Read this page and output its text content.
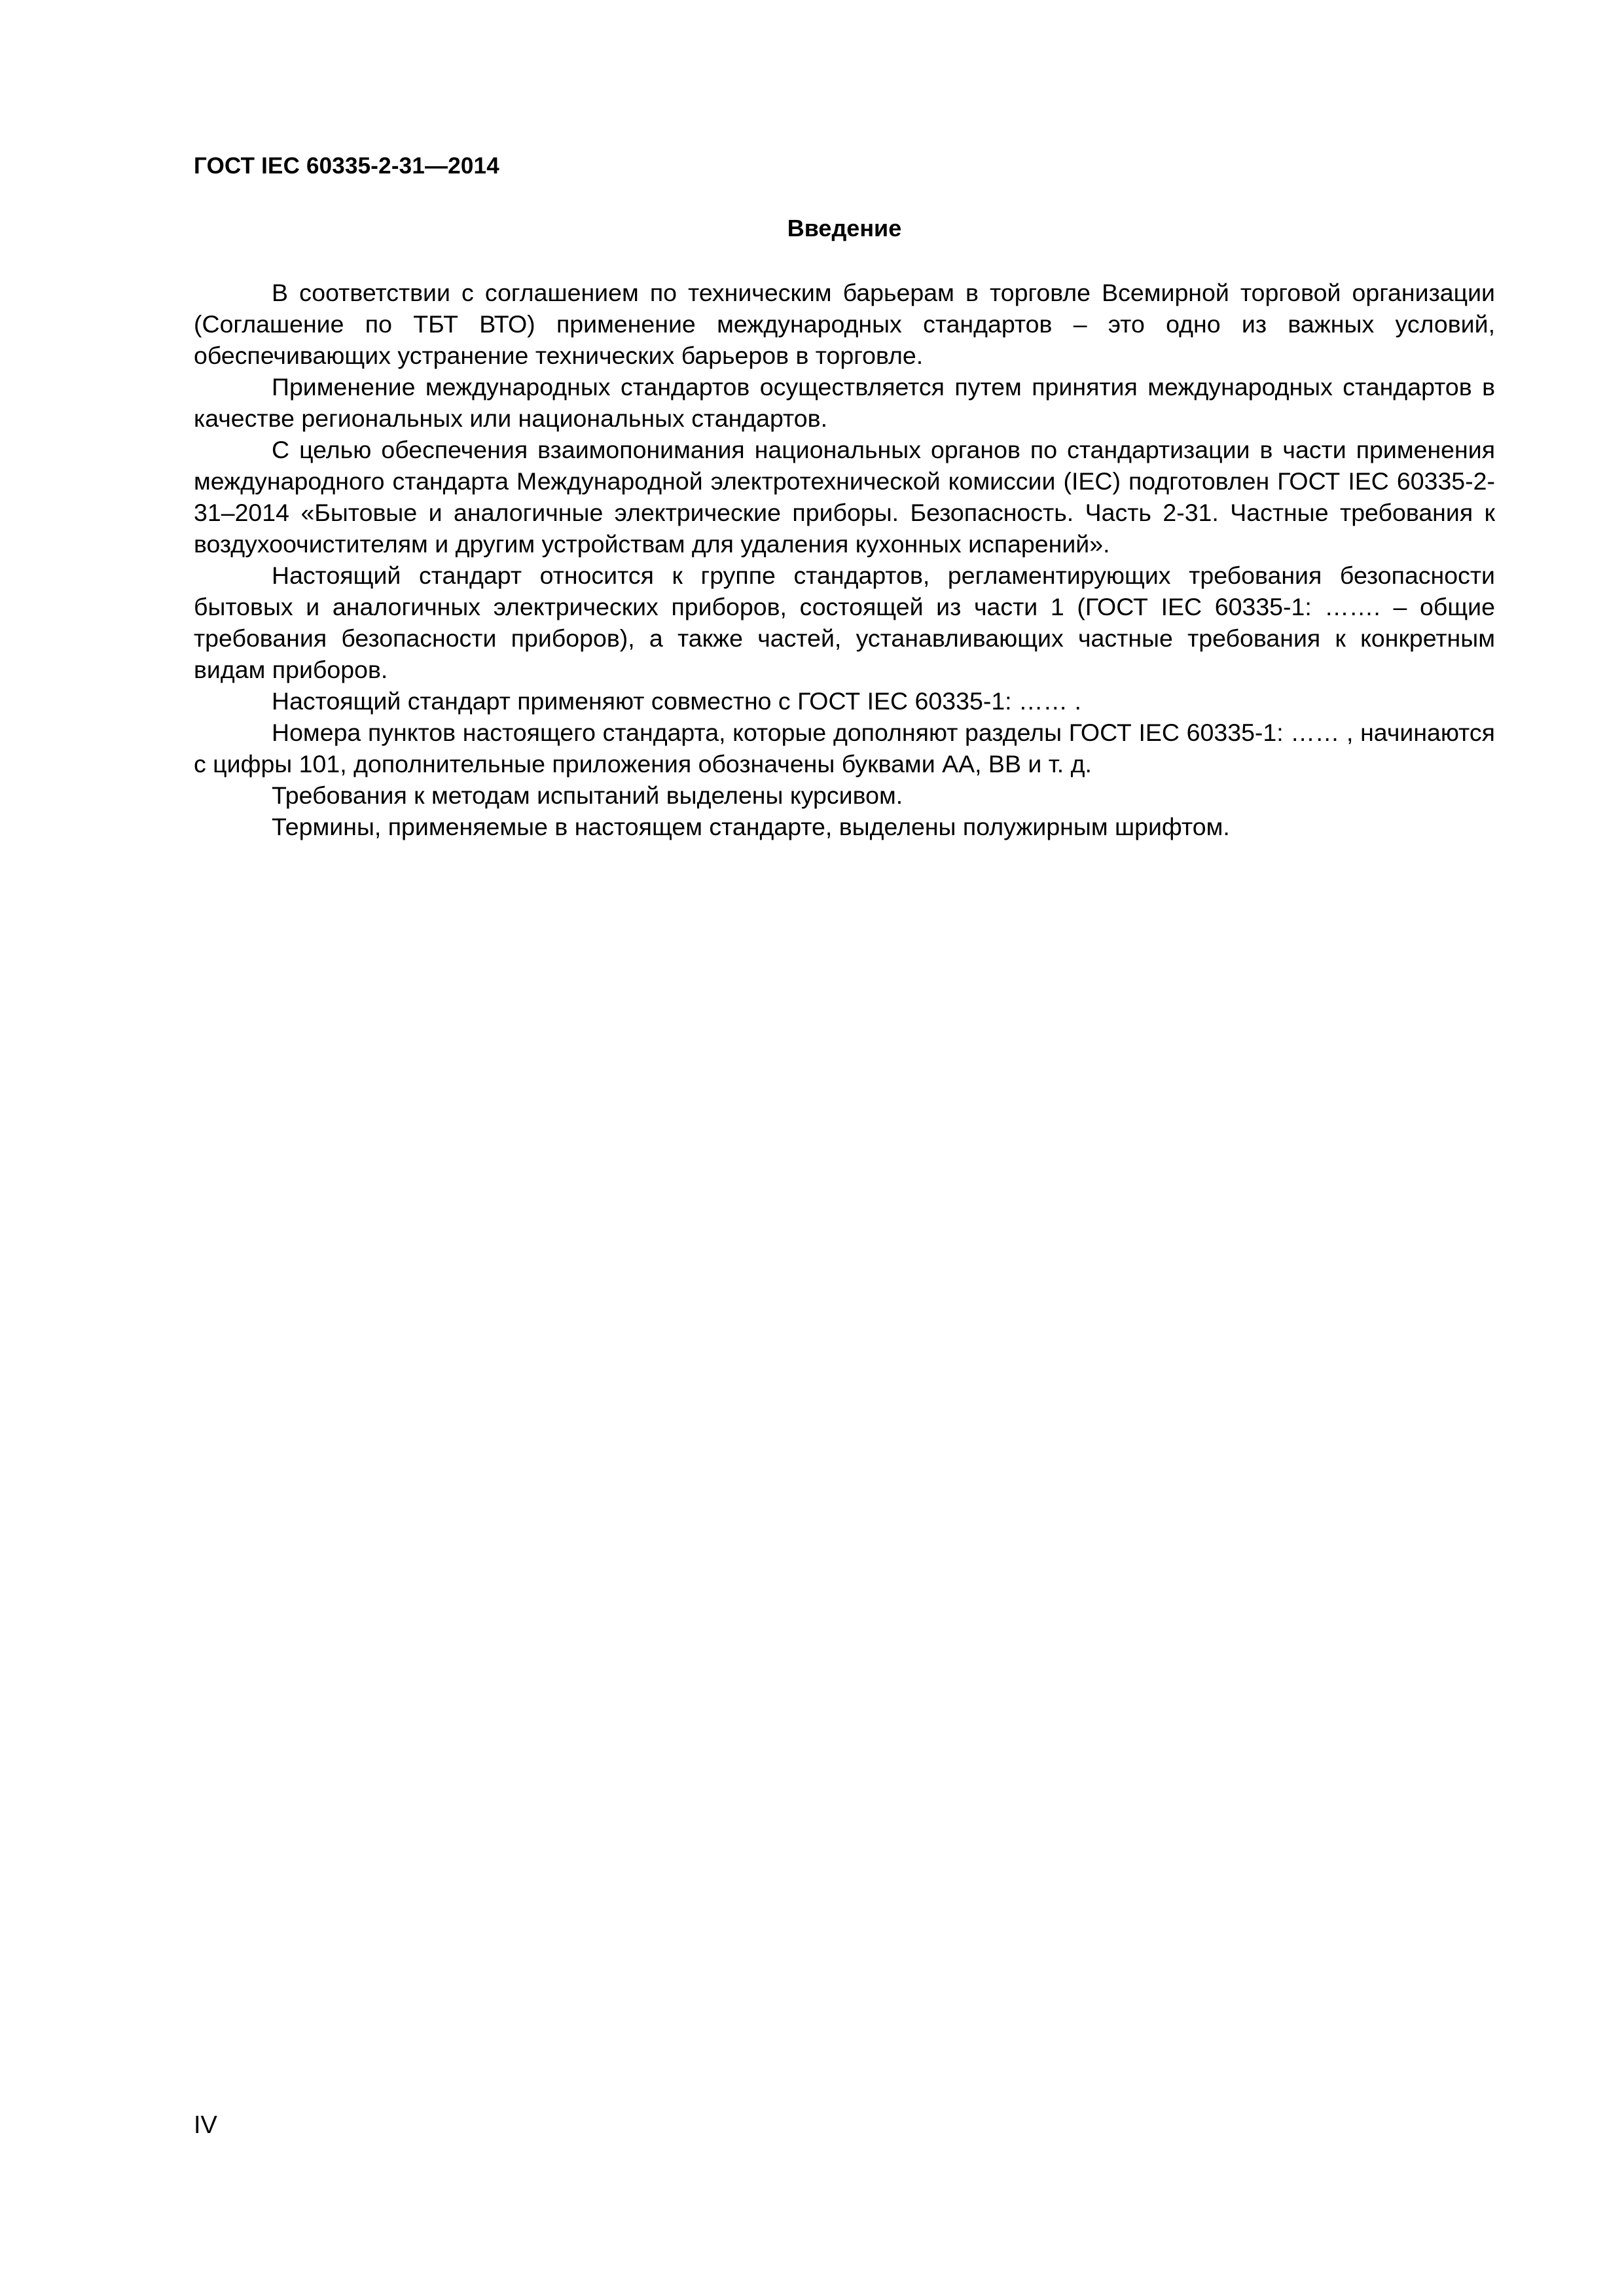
ГОСТ IEC 60335-2-31—2014
Введение

В соответствии с соглашением по техническим барьерам в торговле Всемирной торговой организации (Соглашение по ТБТ ВТО) применение международных стандартов – это одно из важных условий, обеспечивающих устранение технических барьеров в торговле.

Применение международных стандартов осуществляется путем принятия международных стандартов в качестве региональных или национальных стандартов.

С целью обеспечения взаимопонимания национальных органов по стандартизации в части применения международного стандарта Международной электротехнической комиссии (IEC) подготовлен ГОСТ IEC 60335-2-31–2014 «Бытовые и аналогичные электрические приборы. Безопасность. Часть 2-31. Частные требования к воздухоочистителям и другим устройствам для удаления кухонных испарений».

Настоящий стандарт относится к группе стандартов, регламентирующих требования безопасности бытовых и аналогичных электрических приборов, состоящей из части 1 (ГОСТ IEC 60335-1: ……. – общие требования безопасности приборов), а также частей, устанавливающих частные требования к конкретным видам приборов.

Настоящий стандарт применяют совместно с ГОСТ IEC 60335-1: …… .

Номера пунктов настоящего стандарта, которые дополняют разделы ГОСТ IEC 60335-1: …… , начинаются с цифры 101, дополнительные приложения обозначены буквами АА, ВВ и т. д.

Требования к методам испытаний выделены курсивом.

Термины, применяемые в настоящем стандарте, выделены полужирным шрифтом.

IV
